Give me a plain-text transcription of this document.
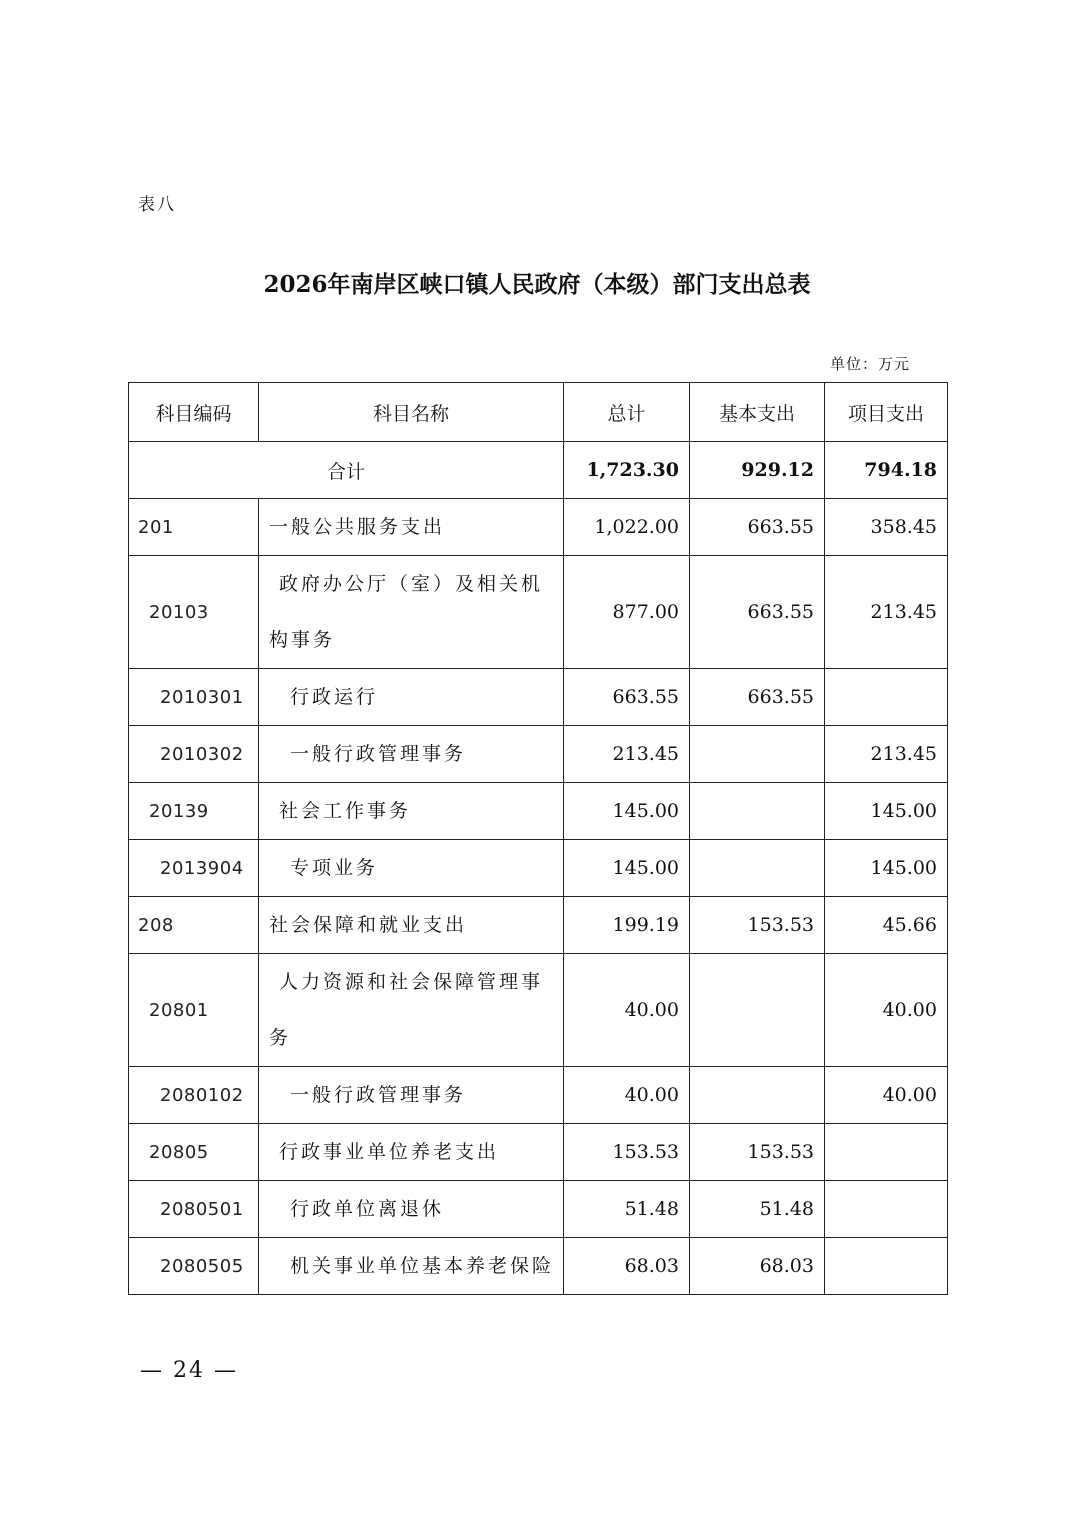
表八
2026年南岸区峡口镇人民政府（本级）部门支出总表
单位：万元
科目编码	科目名称	总计	基本支出	项目支出
合计		1,723.30	929.12	794.18
201	一般公共服务支出	1,022.00	663.55	358.45
20103	政府办公厅（室）及相关机构事务	877.00	663.55	213.45
2010301	行政运行	663.55	663.55	
2010302	一般行政管理事务	213.45		213.45
20139	社会工作事务	145.00		145.00
2013904	专项业务	145.00		145.00
208	社会保障和就业支出	199.19	153.53	45.66
20801	人力资源和社会保障管理事务	40.00		40.00
2080102	一般行政管理事务	40.00		40.00
20805	行政事业单位养老支出	153.53	153.53	
2080501	行政单位离退休	51.48	51.48	
2080505	机关事业单位基本养老保险	68.03	68.03	
— 24 —
